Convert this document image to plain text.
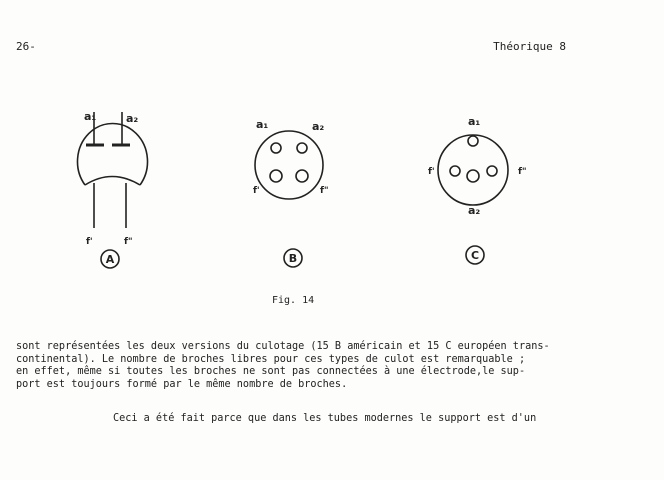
26-	Théorique 8
a₁	a₂
f'	f"
A
a₁	a₂
f'	f"
B
a₁
f'	f"
a₂
C
Fig. 14
sont représentées les deux versions du culotage (15 B américain et 15 C européen trans-
continental). Le nombre de broches libres pour ces types de culot est remarquable ;
en effet, même si toutes les broches ne sont pas connectées à une électrode,le sup-
port est toujours formé par le même nombre de broches.
Ceci a été fait parce que dans les tubes modernes le support est d'un
